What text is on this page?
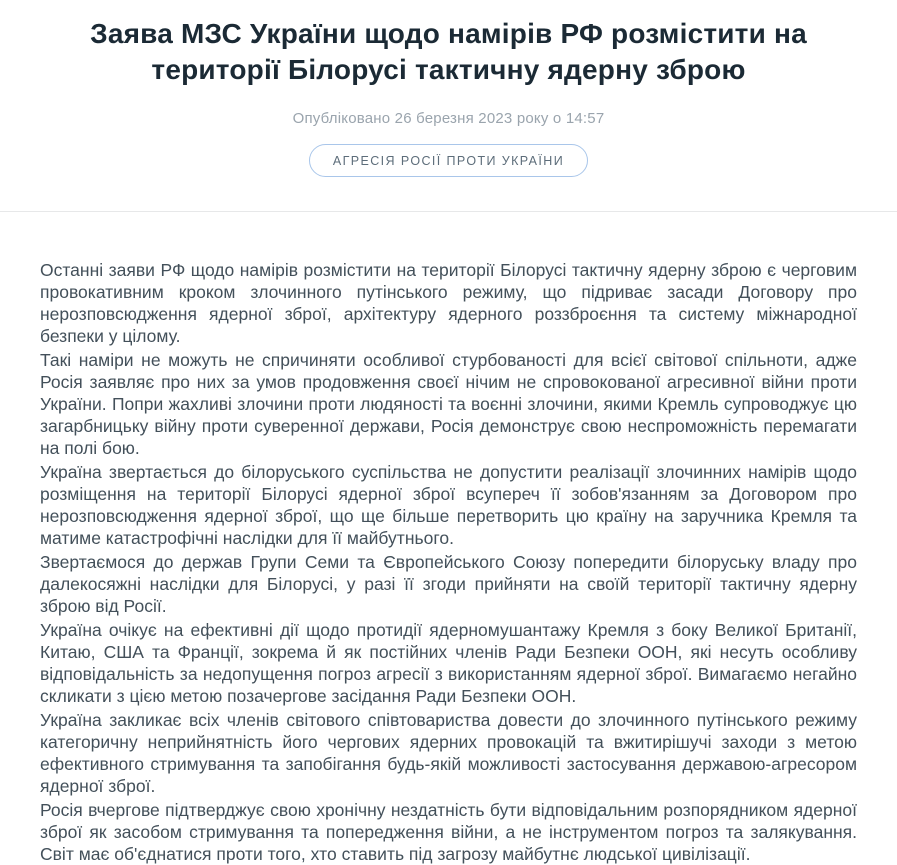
Заява МЗС України щодо намірів РФ розмістити на території Білорусі тактичну ядерну зброю
Опубліковано 26 березня 2023 року о 14:57
АГРЕСІЯ РОСІЇ ПРОТИ УКРАЇНИ

Останні заяви РФ щодо намірів розмістити на території Білорусі тактичну ядерну зброю є черговим провокативним кроком злочинного путінського режиму, що підриває засади Договору про нерозповсюдження ядерної зброї, архітектуру ядерного роззброєння та систему міжнародної безпеки у цілому.

Такі наміри не можуть не спричиняти особливої стурбованості для всієї світової спільноти, адже Росія заявляє про них за умов продовження своєї нічим не спровокованої агресивної війни проти України. Попри жахливі злочини проти людяності та воєнні злочини, якими Кремль супроводжує цю загарбницьку війну проти суверенної держави, Росія демонструє свою неспроможність перемагати на полі бою.

Україна звертається до білоруського суспільства не допустити реалізації злочинних намірів щодо розміщення на території Білорусі ядерної зброї всупереч її зобов'язанням за Договором про нерозповсюдження ядерної зброї, що ще більше перетворить цю країну на заручника Кремля та матиме катастрофічні наслідки для її майбутнього.

Звертаємося до держав Групи Семи та Європейського Союзу попередити білоруську владу про далекосяжні наслідки для Білорусі, у разі її згоди прийняти на своїй території тактичну ядерну зброю від Росії.

Україна очікує на ефективні дії щодо протидії ядерномушантажу Кремля з боку Великої Британії, Китаю, США та Франції, зокрема й як постійних членів Ради Безпеки ООН, які несуть особливу відповідальність за недопущення погроз агресії з використанням ядерної зброї. Вимагаємо негайно скликати з цією метою позачергове засідання Ради Безпеки ООН.

Україна закликає всіх членів світового співтовариства довести до злочинного путінського режиму категоричну неприйнятність його чергових ядерних провокацій та вжитирішучі заходи з метою ефективного стримування та запобігання будь-якій можливості застосування державою-агресором ядерної зброї.

Росія вчергове підтверджує свою хронічну нездатність бути відповідальним розпорядником ядерної зброї як засобом стримування та попередження війни, а не інструментом погроз та залякування. Світ має об'єднатися проти того, хто ставить під загрозу майбутнє людської цивілізації.
